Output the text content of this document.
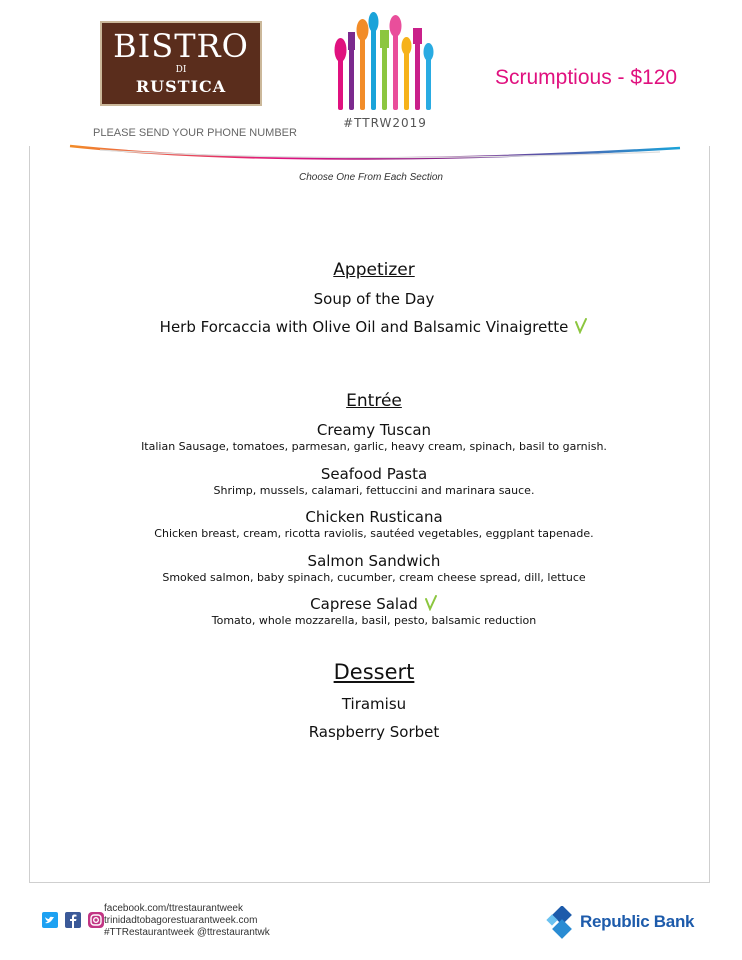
BISTRO
DI
RUSTICA
PLEASE SEND YOUR PHONE NUMBER
#TTRW2019
Scrumptious - $120
Choose One From Each Section
Appetizer
Soup of the Day
Herb Forcaccia with Olive Oil and Balsamic Vinaigrette
Entrée
Creamy Tuscan
Italian Sausage, tomatoes, parmesan, garlic, heavy cream, spinach, basil to garnish.
Seafood Pasta
Shrimp, mussels, calamari, fettuccini and marinara sauce.
Chicken Rusticana
Chicken breast, cream, ricotta raviolis, sautéed vegetables, eggplant tapenade.
Salmon Sandwich
Smoked salmon, baby spinach, cucumber, cream cheese spread, dill, lettuce
Caprese Salad
Tomato, whole mozzarella, basil, pesto, balsamic reduction
Dessert
Tiramisu
Raspberry Sorbet

facebook.com/ttrestaurantweek
trinidadtobagorestuarantweek.com
#TTRestaurantweek @ttrestaurantwk
Republic Bank
